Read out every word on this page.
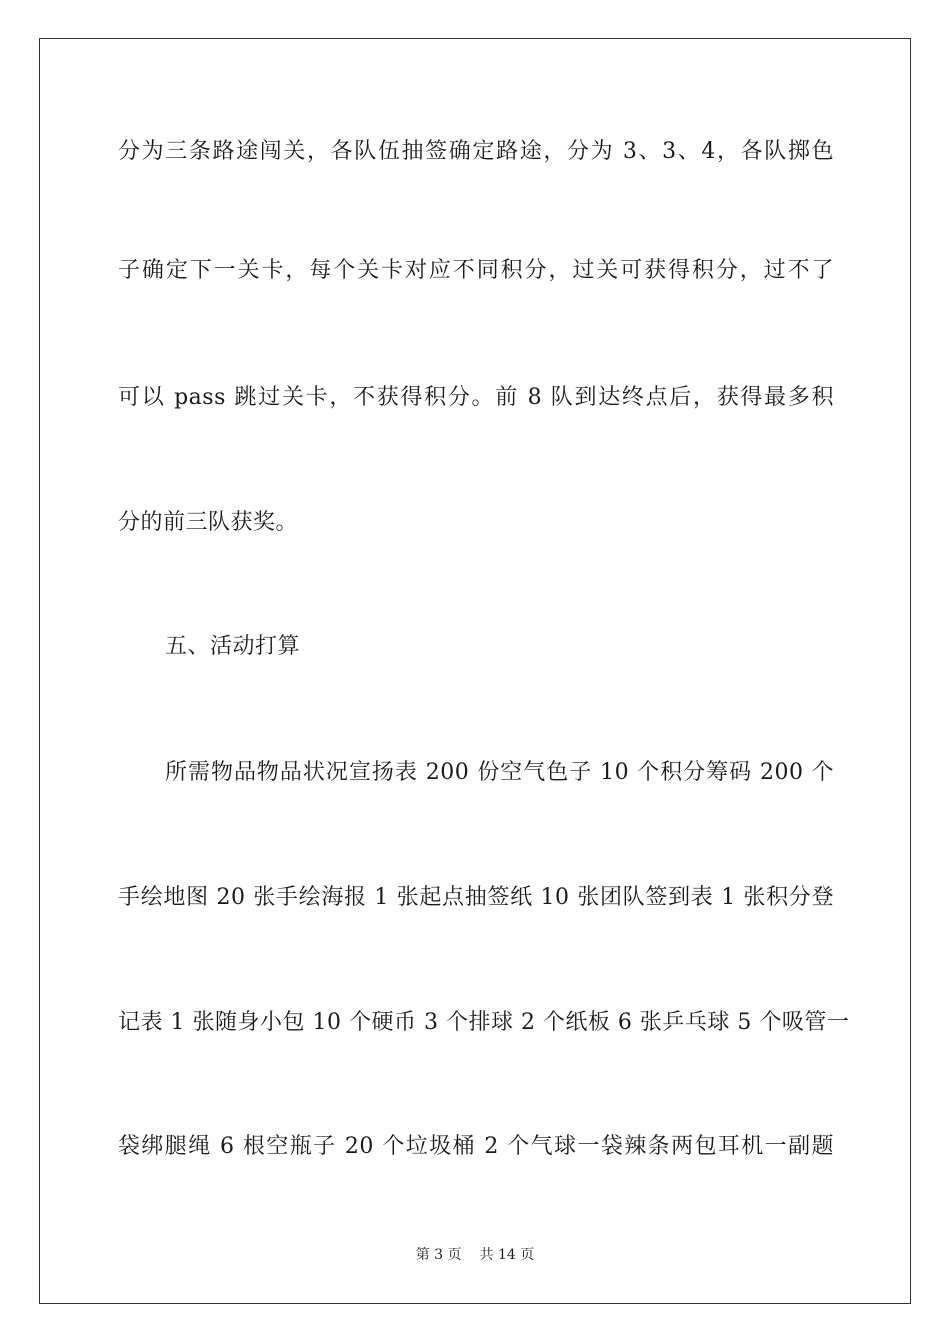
分为三条路途闯关，各队伍抽签确定路途，分为 3、3、4，各队掷色
子确定下一关卡，每个关卡对应不同积分，过关可获得积分，过不了
可以 pass 跳过关卡，不获得积分。前 8 队到达终点后，获得最多积
分的前三队获奖。
五、活动打算
所需物品物品状况宣扬表 200 份空气色子 10 个积分筹码 200 个
手绘地图 20 张手绘海报 1 张起点抽签纸 10 张团队签到表 1 张积分登
记表 1 张随身小包 10 个硬币 3 个排球 2 个纸板 6 张乒乓球 5 个吸管一
袋绑腿绳 6 根空瓶子 20 个垃圾桶 2 个气球一袋辣条两包耳机一副题
第 3 页 共 14 页
